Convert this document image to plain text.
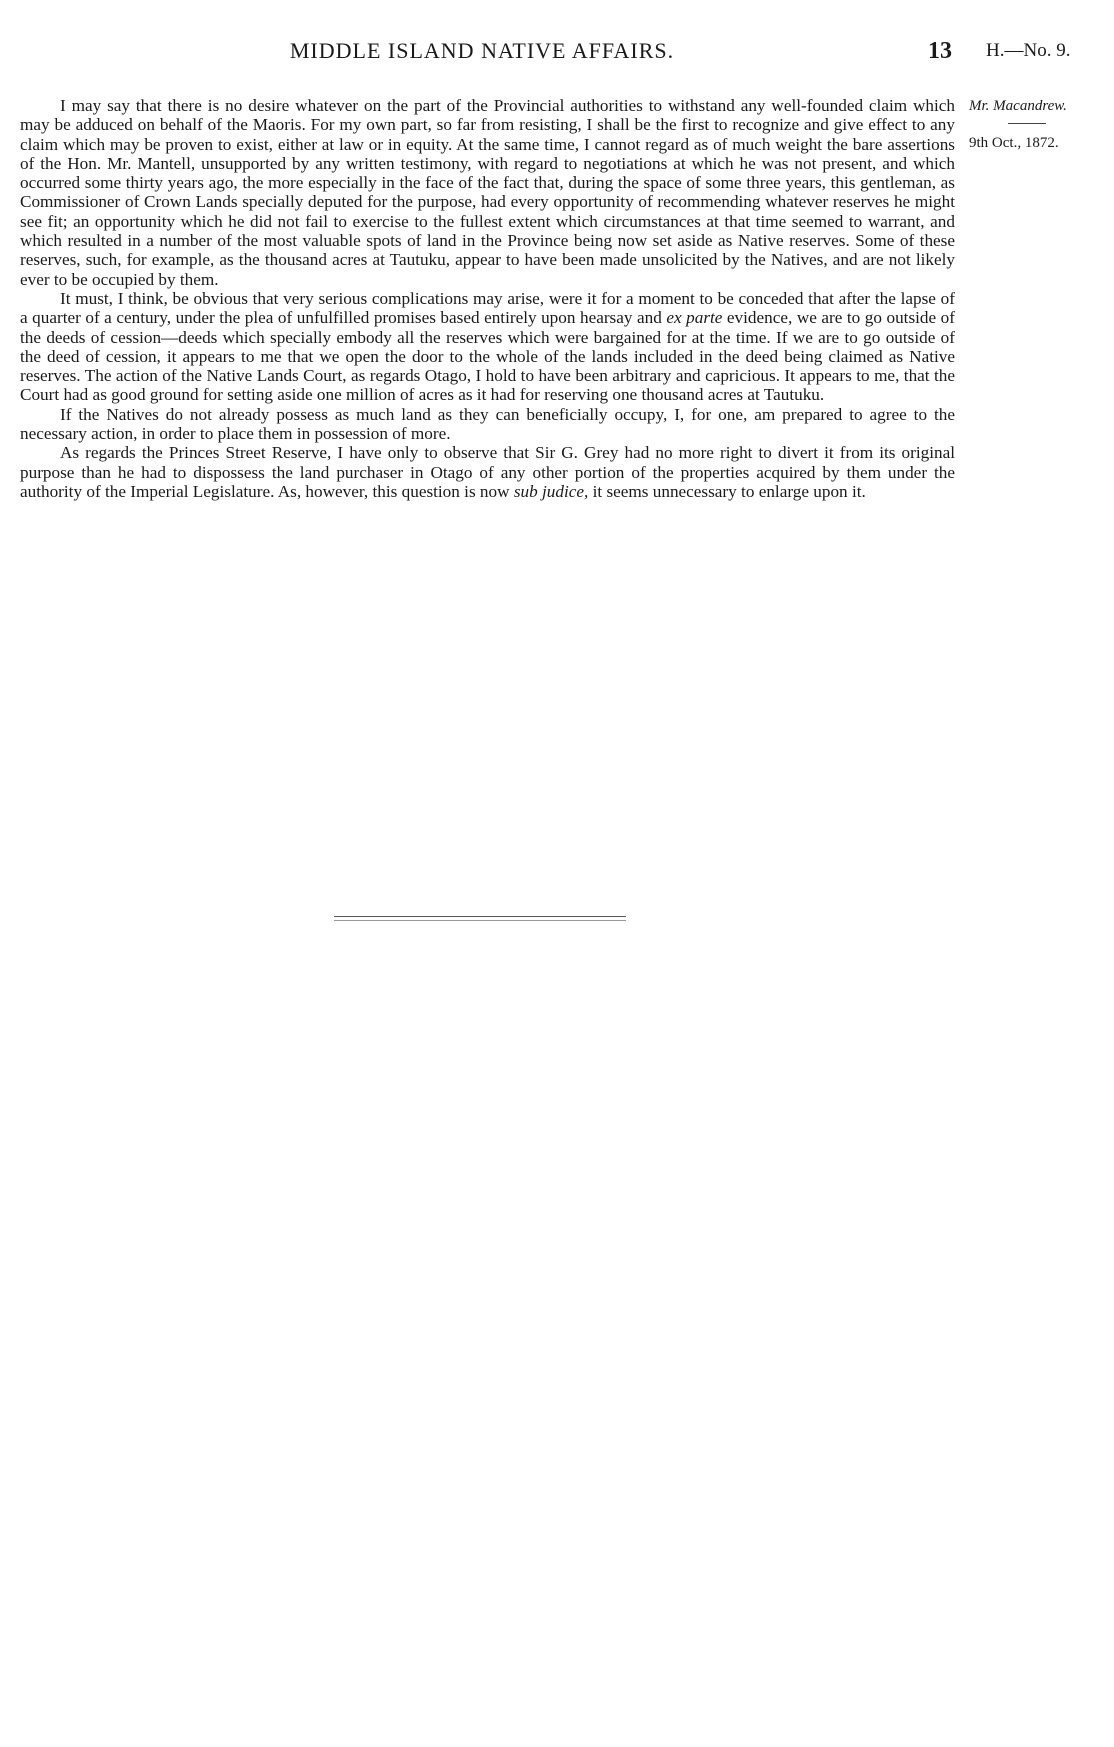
MIDDLE ISLAND NATIVE AFFAIRS.	13 H.—No. 9.
Mr. Macandrew.
9th Oct., 1872.

I may say that there is no desire whatever on the part of the Provincial authorities to withstand any well-founded claim which may be adduced on behalf of the Maoris. For my own part, so far from resisting, I shall be the first to recognize and give effect to any claim which may be proven to exist, either at law or in equity. At the same time, I cannot regard as of much weight the bare assertions of the Hon. Mr. Mantell, unsupported by any written testimony, with regard to negotiations at which he was not present, and which occurred some thirty years ago, the more especially in the face of the fact that, during the space of some three years, this gentleman, as Commissioner of Crown Lands specially deputed for the purpose, had every opportunity of recommending whatever reserves he might see fit; an opportunity which he did not fail to exercise to the fullest extent which circumstances at that time seemed to warrant, and which resulted in a number of the most valuable spots of land in the Province being now set aside as Native reserves. Some of these reserves, such, for example, as the thousand acres at Tautuku, appear to have been made unsolicited by the Natives, and are not likely ever to be occupied by them.

It must, I think, be obvious that very serious complications may arise, were it for a moment to be conceded that after the lapse of a quarter of a century, under the plea of unfulfilled promises based entirely upon hearsay and ex parte evidence, we are to go outside of the deeds of cession—deeds which specially embody all the reserves which were bargained for at the time. If we are to go outside of the deed of cession, it appears to me that we open the door to the whole of the lands included in the deed being claimed as Native reserves. The action of the Native Lands Court, as regards Otago, I hold to have been arbitrary and capricious. It appears to me, that the Court had as good ground for setting aside one million of acres as it had for reserving one thousand acres at Tautuku.

If the Natives do not already possess as much land as they can beneficially occupy, I, for one, am prepared to agree to the necessary action, in order to place them in possession of more.

As regards the Princes Street Reserve, I have only to observe that Sir G. Grey had no more right to divert it from its original purpose than he had to dispossess the land purchaser in Otago of any other portion of the properties acquired by them under the authority of the Imperial Legislature. As, however, this question is now sub judice, it seems unnecessary to enlarge upon it.
